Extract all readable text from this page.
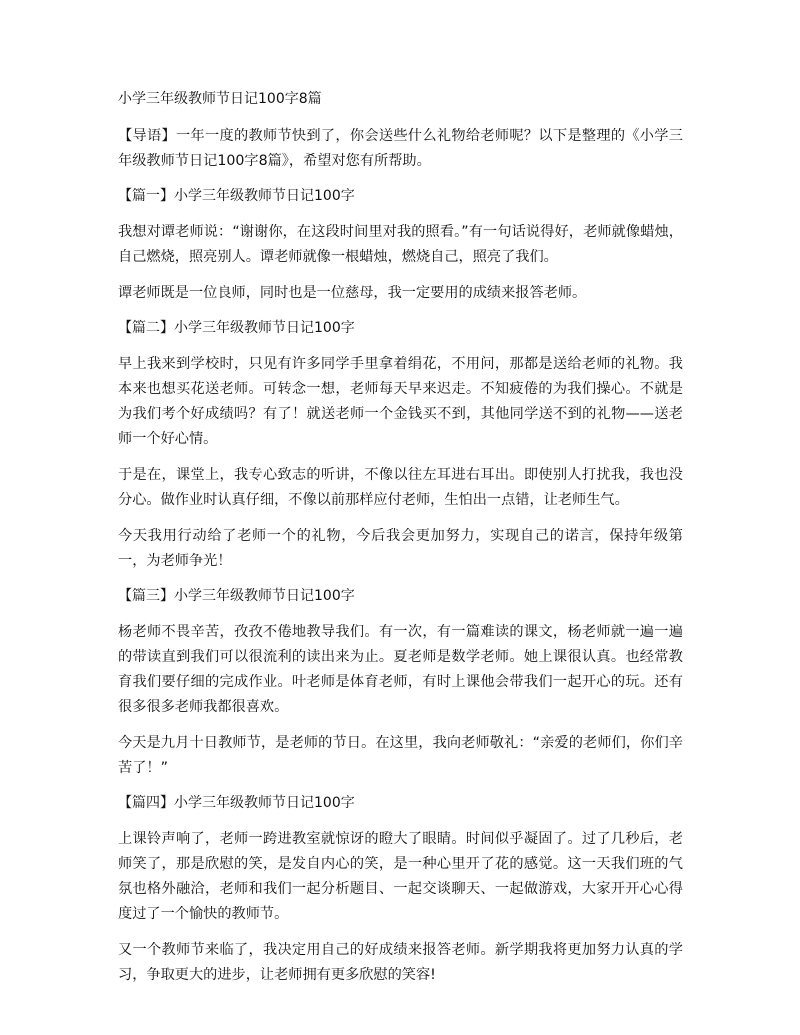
小学三年级教师节日记100字8篇
【导语】一年一度的教师节快到了，你会送些什么礼物给老师呢？以下是整理的《小学三年级教师节日记100字8篇》，希望对您有所帮助。
【篇一】小学三年级教师节日记100字
我想对谭老师说：“谢谢你，在这段时间里对我的照看。”有一句话说得好，老师就像蜡烛，自己燃烧，照亮别人。谭老师就像一根蜡烛，燃烧自己，照亮了我们。
谭老师既是一位良师，同时也是一位慈母，我一定要用的成绩来报答老师。
【篇二】小学三年级教师节日记100字
早上我来到学校时，只见有许多同学手里拿着绢花，不用问，那都是送给老师的礼物。我本来也想买花送老师。可转念一想，老师每天早来迟走。不知疲倦的为我们操心。不就是为我们考个好成绩吗？有了！就送老师一个金钱买不到，其他同学送不到的礼物——送老师一个好心情。
于是在，课堂上，我专心致志的听讲，不像以往左耳进右耳出。即使别人打扰我，我也没分心。做作业时认真仔细，不像以前那样应付老师，生怕出一点错，让老师生气。
今天我用行动给了老师一个的礼物，今后我会更加努力，实现自己的诺言，保持年级第一，为老师争光！
【篇三】小学三年级教师节日记100字
杨老师不畏辛苦，孜孜不倦地教导我们。有一次，有一篇难读的课文，杨老师就一遍一遍的带读直到我们可以很流利的读出来为止。夏老师是数学老师。她上课很认真。也经常教育我们要仔细的完成作业。叶老师是体育老师，有时上课他会带我们一起开心的玩。还有很多很多老师我都很喜欢。
今天是九月十日教师节，是老师的节日。在这里，我向老师敬礼：“亲爱的老师们，你们辛苦了！”
【篇四】小学三年级教师节日记100字
上课铃声响了，老师一跨进教室就惊讶的瞪大了眼睛。时间似乎凝固了。过了几秒后，老师笑了，那是欣慰的笑，是发自内心的笑，是一种心里开了花的感觉。这一天我们班的气氛也格外融洽，老师和我们一起分析题目、一起交谈聊天、一起做游戏，大家开开心心得度过了一个愉快的教师节。
又一个教师节来临了，我决定用自己的好成绩来报答老师。新学期我将更加努力认真的学习，争取更大的进步，让老师拥有更多欣慰的笑容!
